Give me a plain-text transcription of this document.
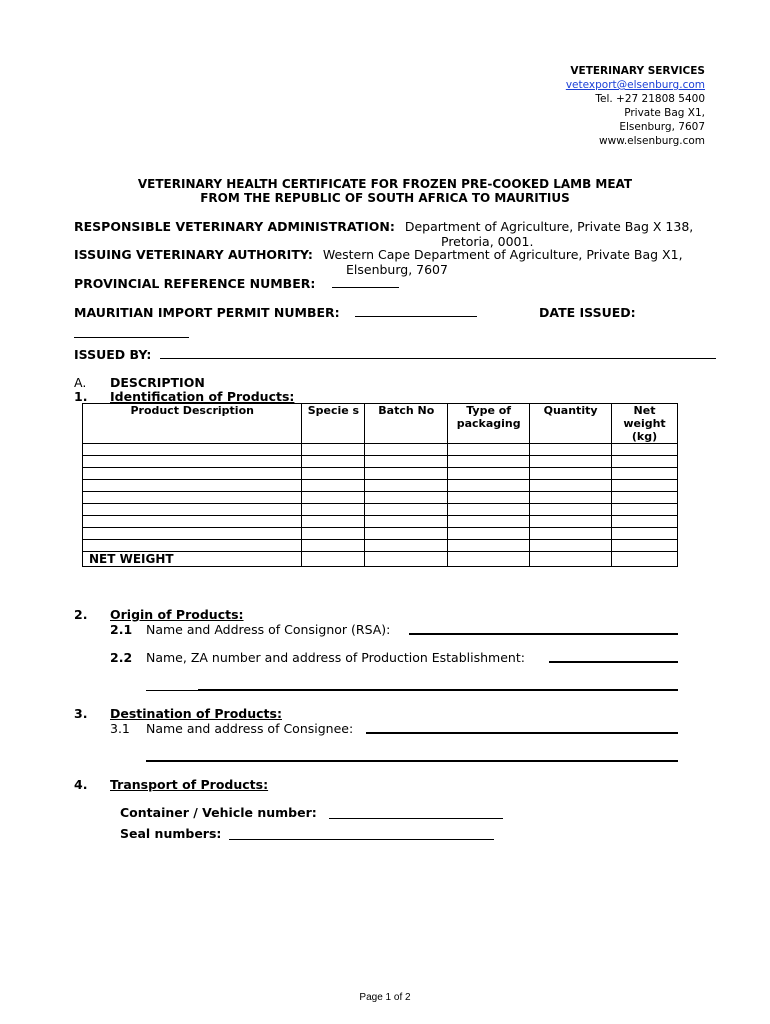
VETERINARY SERVICES
vetexport@elsenburg.com
Tel. +27 21808 5400
Private Bag X1,
Elsenburg, 7607
www.elsenburg.com
VETERINARY HEALTH CERTIFICATE FOR FROZEN PRE-COOKED LAMB MEAT
FROM THE REPUBLIC OF SOUTH AFRICA TO MAURITIUS
RESPONSIBLE VETERINARY ADMINISTRATION: Department of Agriculture, Private Bag X 138,
Pretoria, 0001.
ISSUING VETERINARY AUTHORITY: Western Cape Department of Agriculture, Private Bag X1,
Elsenburg, 7607
PROVINCIAL REFERENCE NUMBER:
MAURITIAN IMPORT PERMIT NUMBER:	DATE ISSUED:
ISSUED BY:
A. DESCRIPTION
1. Identification of Products:
Product Description	Specie s	Batch No	Type of packaging	Quantity	Net weight (kg)

NET WEIGHT					
2. Origin of Products:
2.1 Name and Address of Consignor (RSA):
2.2 Name, ZA number and address of Production Establishment:
3. Destination of Products:
3.1 Name and address of Consignee:
4. Transport of Products:
Container / Vehicle number:
Seal numbers:
Page 1 of 2
